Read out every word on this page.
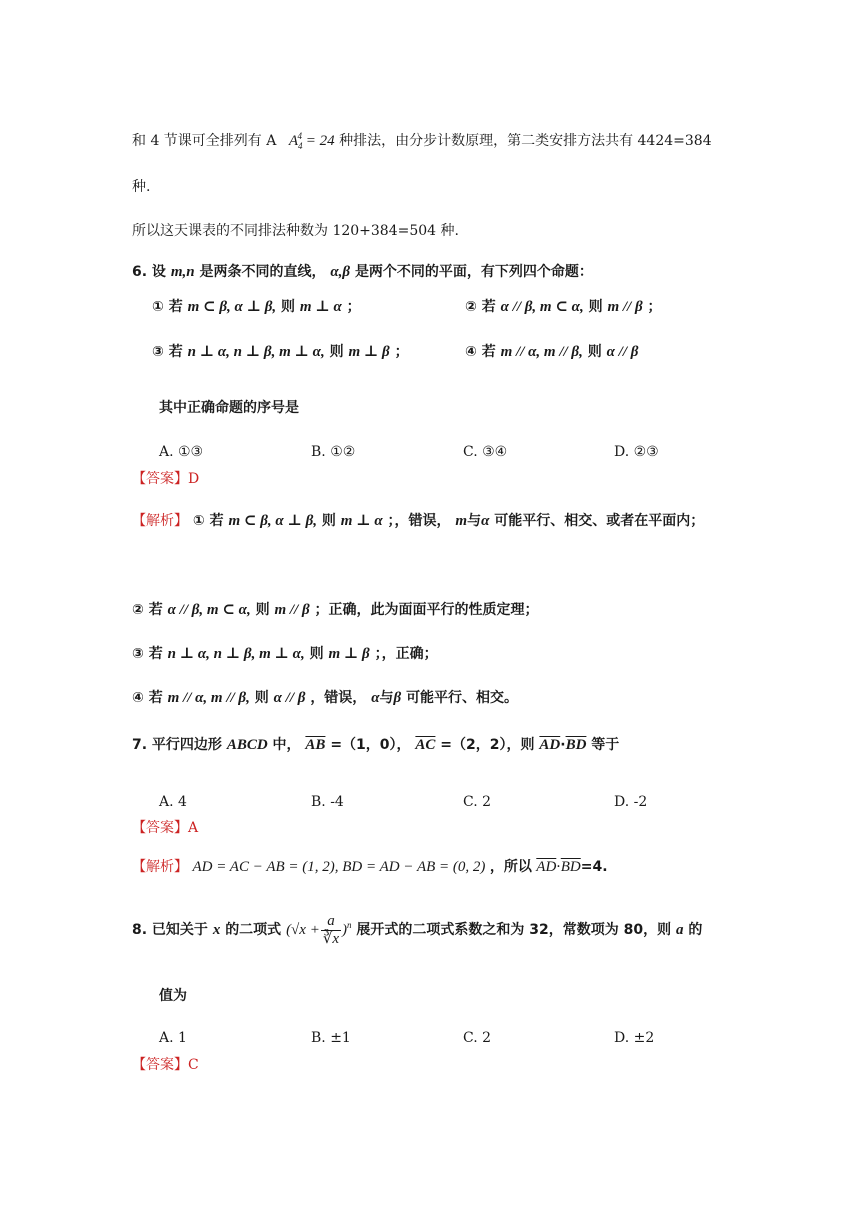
和 4 节课可全排列有 A $A_4^4 = 24$ 种排法，由分步计数原理，第二类安排方法共有 4424=384
种.
所以这天课表的不同排法种数为 120+384=504 种.
6. 设 m,n 是两条不同的直线， α,β 是两个不同的平面，有下列四个命题：
① 若 m ⊂ β, α ⊥ β, 则 m ⊥ α ；	② 若 α // β, m ⊂ α, 则 m // β ；
③ 若 n ⊥ α, n ⊥ β, m ⊥ α, 则 m ⊥ β ；	④ 若 m // α, m // β, 则 α // β
其中正确命题的序号是
A. ①③	B. ①②	C. ③④	D. ②③
【答案】D
【解析】 ① 若 m ⊂ β, α ⊥ β, 则 m ⊥ α ；，错误， m与α 可能平行、相交、或者在平面内；
② 若 α // β, m ⊂ α, 则 m // β ；正确，此为面面平行的性质定理；
③ 若 n ⊥ α, n ⊥ β, m ⊥ α, 则 m ⊥ β ；，正确；
④ 若 m // α, m // β, 则 α // β ，错误， α与β 可能平行、相交。
7. 平行四边形 ABCD 中， $\overline{AB} =(1$，0）， $\overline{AC} =(2$，2），则 $\overline{AD}\cdot\overline{BD}$ 等于
A. 4	B. -4	C. 2	D. -2
【答案】A
【解析】 AD = AC − AB = (1, 2), BD = AD − AB = (0, 2) ，所以 $\overline{AD}\cdot\overline{BD}=4$.
8. 已知关于 x 的二项式 $(√x + \frac{a}{∛x} )^n$ 展开式的二项式系数之和为 32，常数项为 80，则 a 的
值为
A. 1	B. ±1	C. 2	D. ±2
【答案】C
